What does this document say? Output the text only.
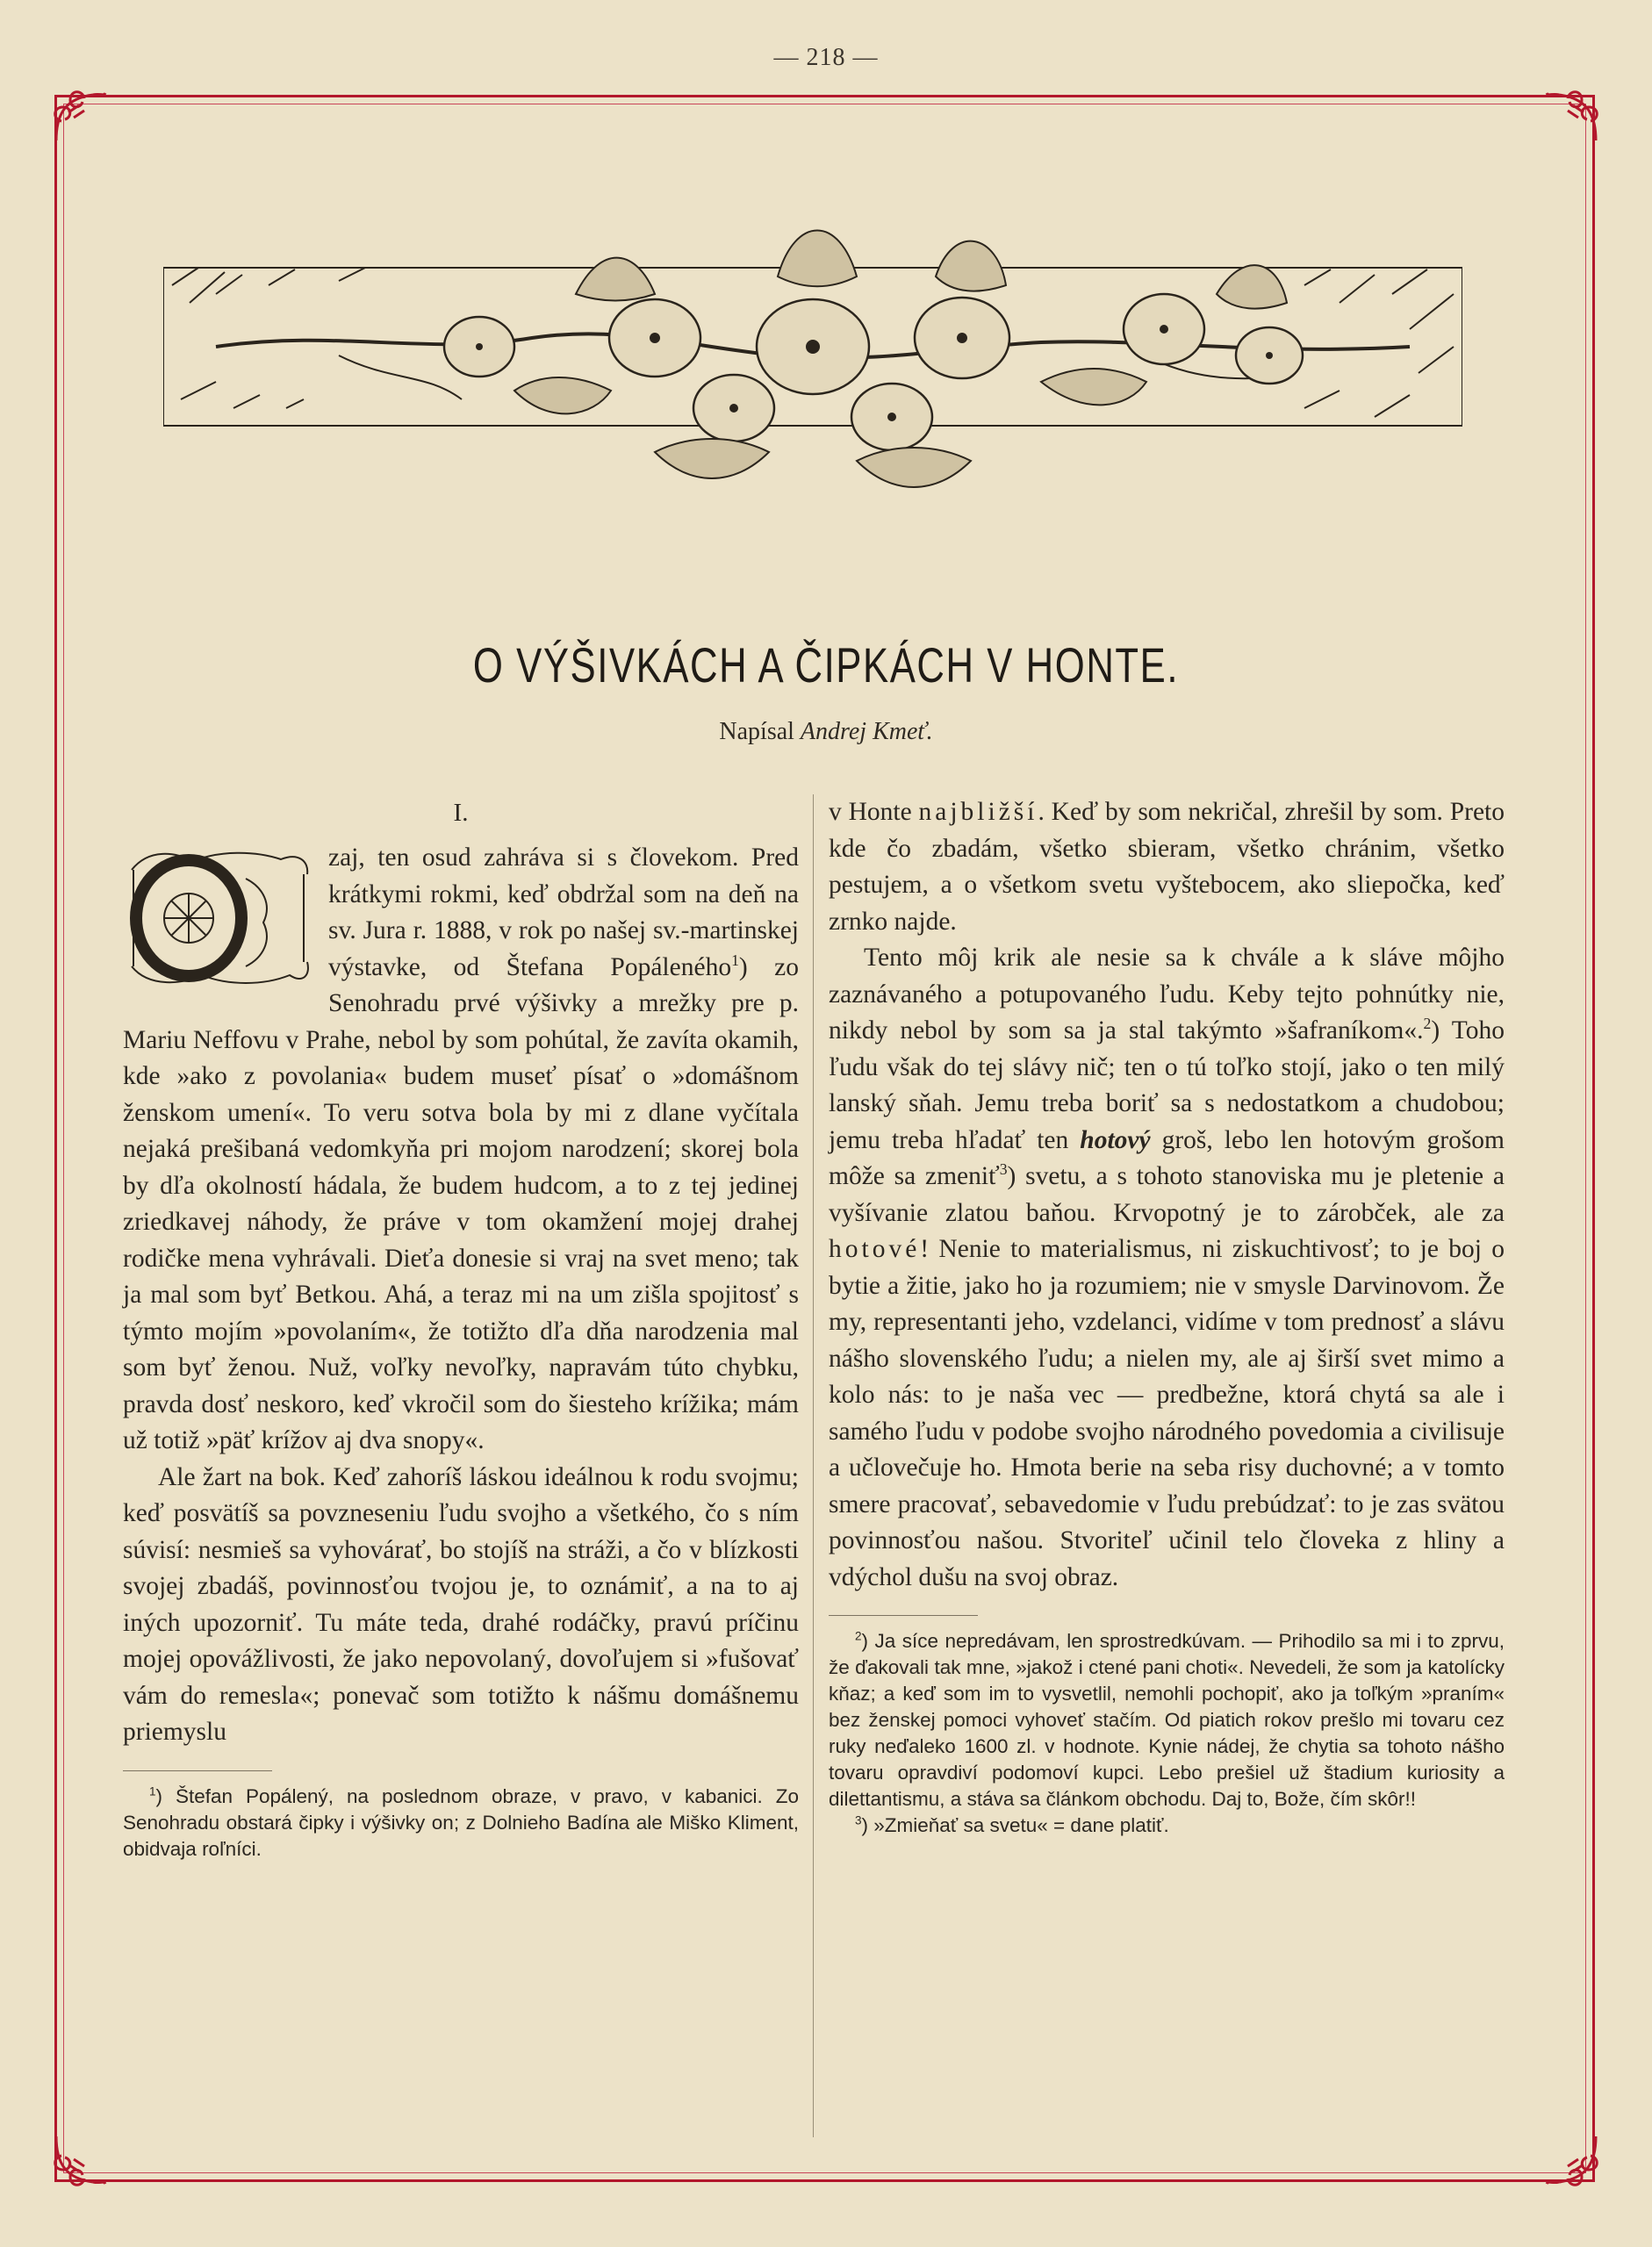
— 218 —
O VÝŠIVKÁCH A ČIPKÁCH V HONTE.
Napísal Andrej Kmeť.
I.
O

zaj, ten osud zahráva si s človekom. Pred krátkymi rokmi, keď obdržal som na deň na sv. Jura r. 1888, v rok po našej sv.-martinskej výstavke, od Štefana Popáleného$^1$) zo Senohradu prvé výšivky a mrežky pre p. Mariu Neffovu v Prahe, nebol by som pohútal, že zavíta okamih, kde »ako z povolania« budem museť písať o »domášnom ženskom umení«. To veru sotva bola by mi z dlane vyčítala nejaká prešibaná vedomkyňa pri mojom narodzení; skorej bola by dľa okolností hádala, že budem hudcom, a to z tej jedinej zriedkavej náhody, že práve v tom okamžení mojej drahej rodičke mena vyhrávali. Dieťa donesie si vraj na svet meno; tak ja mal som byť Betkou. Ahá, a teraz mi na um zišla spojitosť s týmto mojím »povolaním«, že totižto dľa dňa narodzenia mal som byť ženou. Nuž, voľky nevoľky, napravám túto chybku, pravda dosť neskoro, keď vkročil som do šiesteho krížika; mám už totiž »päť krížov aj dva snopy«.

Ale žart na bok. Keď zahoríš láskou ideálnou k rodu svojmu; keď posvätíš sa povzneseniu ľudu svojho a všetkého, čo s ním súvisí: nesmieš sa vyhovárať, bo stojíš na stráži, a čo v blízkosti svojej zbadáš, povinnosťou tvojou je, to oznámiť, a na to aj iných upozorniť. Tu máte teda, drahé rodáčky, pravú príčinu mojej opovážlivosti, že jako nepovolaný, dovoľujem si »fušovať vám do remesla«; ponevač som totižto k nášmu domášnemu priemyslu

$^1$) Štefan Popálený, na poslednom obraze, v pravo, v kabanici. Zo Senohradu obstará čipky i výšivky on; z Dolnieho Badína ale Miško Kliment, obidvaja roľníci.

v Honte najbližší. Keď by som nekričal, zhrešil by som. Preto kde čo zbadám, všetko sbieram, všetko chránim, všetko pestujem, a o všetkom svetu vyštebocem, ako sliepočka, keď zrnko najde.

Tento môj krik ale nesie sa k chvále a k sláve môjho zaznávaného a potupovaného ľudu. Keby tejto pohnútky nie, nikdy nebol by som sa ja stal takýmto »šafraníkom«.$^2$) Toho ľudu však do tej slávy nič; ten o tú toľko stojí, jako o ten milý lanský sňah. Jemu treba boriť sa s nedostatkom a chudobou; jemu treba hľadať ten hotový groš, lebo len hotovým grošom môže sa zmeniť$^3$) svetu, a s tohoto stanoviska mu je pletenie a vyšívanie zlatou baňou. Krvopotný je to zárobček, ale za hotové! Nenie to materialismus, ni ziskuchtivosť; to je boj o bytie a žitie, jako ho ja rozumiem; nie v smysle Darvinovom. Že my, representanti jeho, vzdelanci, vidíme v tom prednosť a slávu nášho slovenského ľudu; a nielen my, ale aj širší svet mimo a kolo nás: to je naša vec — predbežne, ktorá chytá sa ale i samého ľudu v podobe svojho národného povedomia a civilisuje a učlovečuje ho. Hmota berie na seba risy duchovné; a v tomto smere pracovať, sebavedomie v ľudu prebúdzať: to je zas svätou povinnosťou našou. Stvoriteľ učinil telo človeka z hliny a vdýchol dušu na svoj obraz.

$^2$) Ja síce nepredávam, len sprostredkúvam. — Prihodilo sa mi i to zprvu, že ďakovali tak mne, »jakož i ctené pani choti«. Nevedeli, že som ja katolícky kňaz; a keď som im to vysvetlil, nemohli pochopiť, ako ja toľkým »praním« bez ženskej pomoci vyhoveť stačím. Od piatich rokov prešlo mi tovaru cez ruky neďaleko 1600 zl. v hodnote. Kynie nádej, že chytia sa tohoto nášho tovaru opravdiví podomoví kupci. Lebo prešiel už štadium kuriosity a dilettantismu, a stáva sa článkom obchodu. Daj to, Bože, čím skôr!!

$^3$) »Zmieňať sa svetu« = dane platiť.
